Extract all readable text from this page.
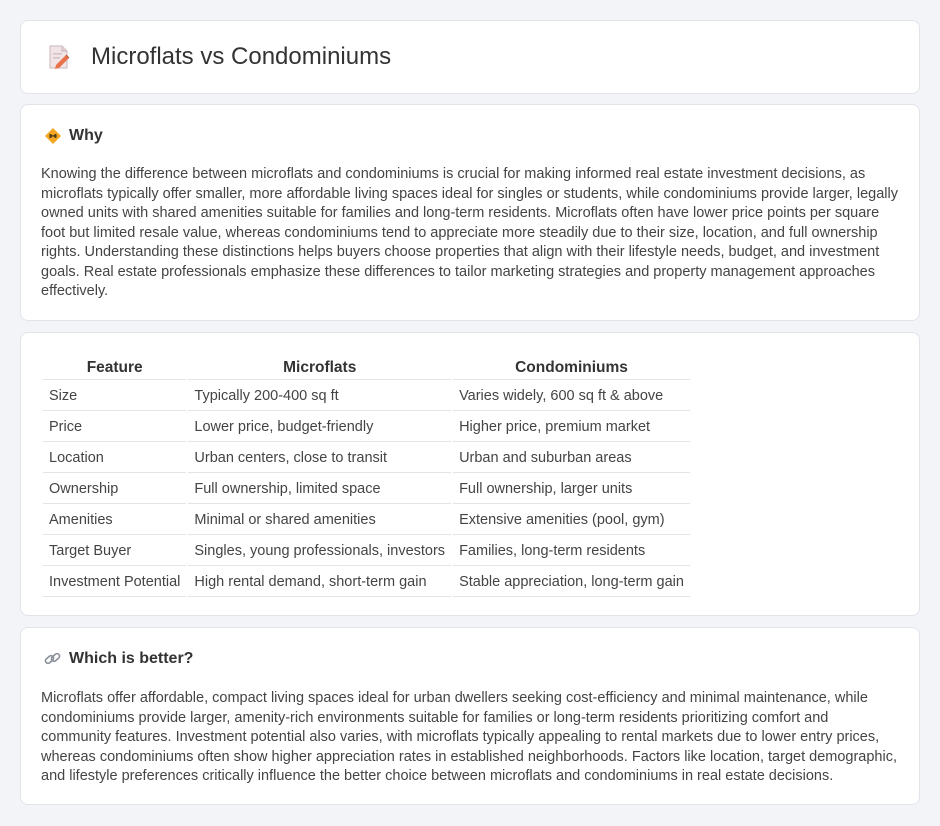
Microflats vs Condominiums
Why

Knowing the difference between microflats and condominiums is crucial for making informed real estate investment decisions, as microflats typically offer smaller, more affordable living spaces ideal for singles or students, while condominiums provide larger, legally owned units with shared amenities suitable for families and long-term residents. Microflats often have lower price points per square foot but limited resale value, whereas condominiums tend to appreciate more steadily due to their size, location, and full ownership rights. Understanding these distinctions helps buyers choose properties that align with their lifestyle needs, budget, and investment goals. Real estate professionals emphasize these differences to tailor marketing strategies and property management approaches effectively.

Feature	Microflats	Condominiums
Size	Typically 200-400 sq ft	Varies widely, 600 sq ft & above
Price	Lower price, budget-friendly	Higher price, premium market
Location	Urban centers, close to transit	Urban and suburban areas
Ownership	Full ownership, limited space	Full ownership, larger units
Amenities	Minimal or shared amenities	Extensive amenities (pool, gym)
Target Buyer	Singles, young professionals, investors	Families, long-term residents
Investment Potential	High rental demand, short-term gain	Stable appreciation, long-term gain
Which is better?

Microflats offer affordable, compact living spaces ideal for urban dwellers seeking cost-efficiency and minimal maintenance, while condominiums provide larger, amenity-rich environments suitable for families or long-term residents prioritizing comfort and community features. Investment potential also varies, with microflats typically appealing to rental markets due to lower entry prices, whereas condominiums often show higher appreciation rates in established neighborhoods. Factors like location, target demographic, and lifestyle preferences critically influence the better choice between microflats and condominiums in real estate decisions.
